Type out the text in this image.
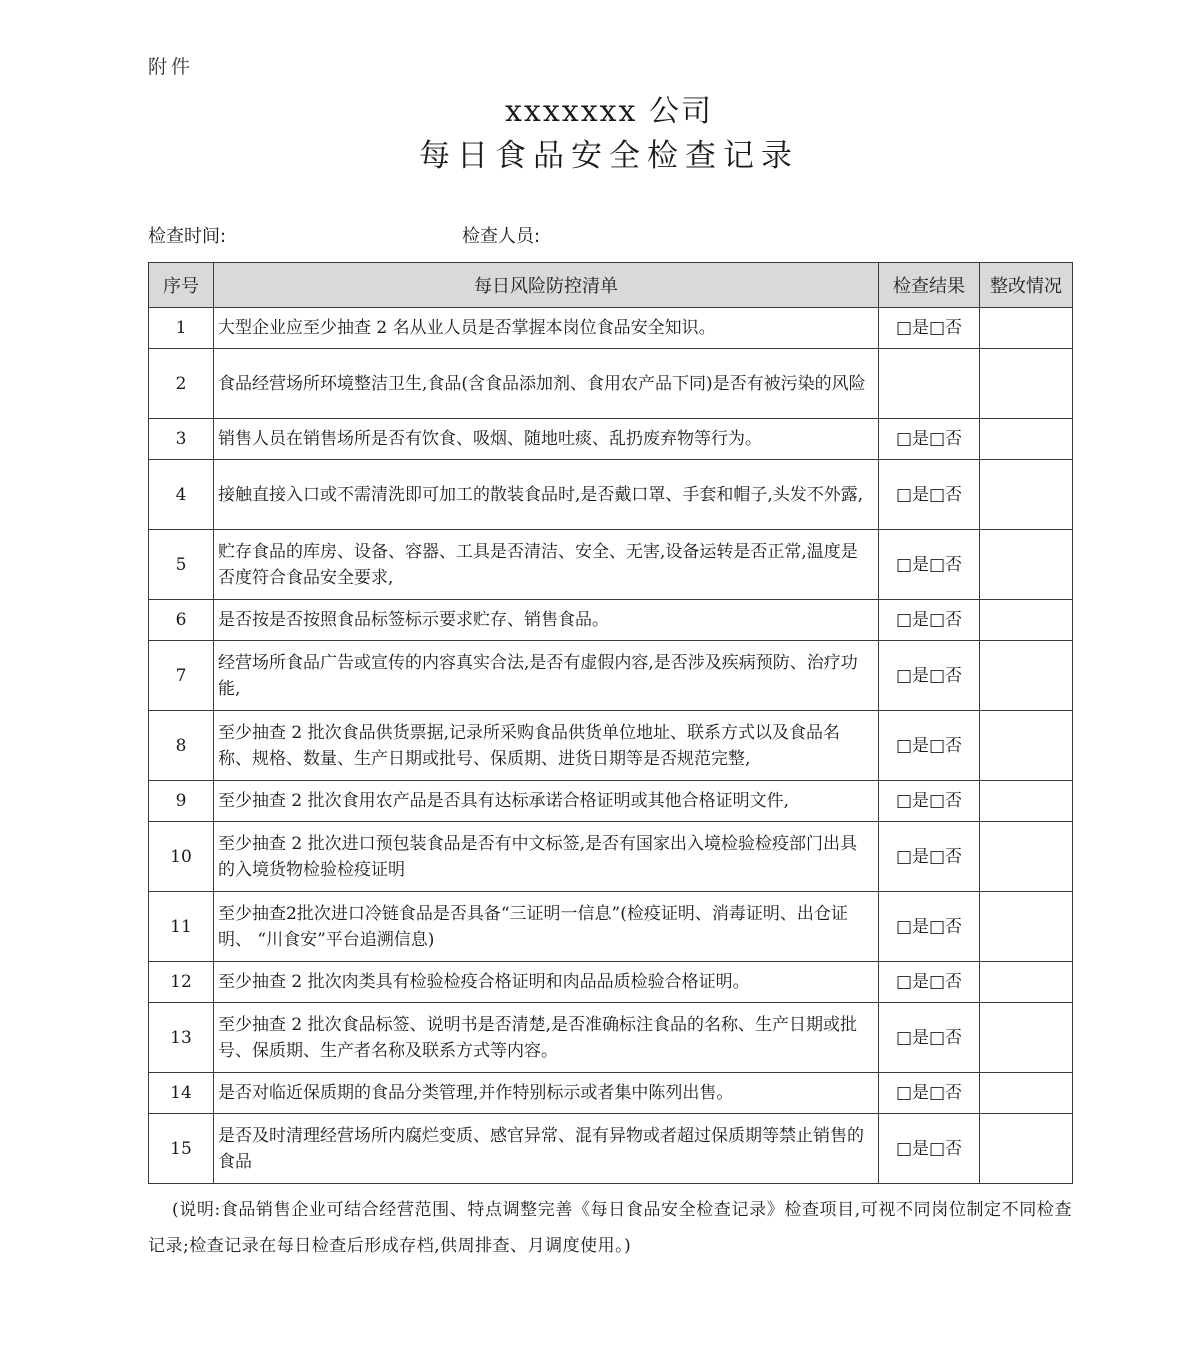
附件
xxxxxxx 公司
每日食品安全检查记录
检查时间:	检查人员:
序号	每日风险防控清单	检查结果	整改情况
1	大型企业应至少抽查 2 名从业人员是否掌握本岗位食品安全知识。	□是□否	
2	食品经营场所环境整洁卫生,食品(含食品添加剂、食用农产品下同)是否有被污染的风险		
3	销售人员在销售场所是否有饮食、吸烟、随地吐痰、乱扔废弃物等行为。	□是□否	
4	接触直接入口或不需清洗即可加工的散装食品时,是否戴口罩、手套和帽子,头发不外露,	□是□否	
5	贮存食品的库房、设备、容器、工具是否清洁、安全、无害,设备运转是否正常,温度是否度符合食品安全要求,	□是□否	
6	是否按是否按照食品标签标示要求贮存、销售食品。	□是□否	
7	经营场所食品广告或宣传的内容真实合法,是否有虚假内容,是否涉及疾病预防、治疗功能,	□是□否	
8	至少抽查 2 批次食品供货票据,记录所采购食品供货单位地址、联系方式以及食品名称、规格、数量、生产日期或批号、保质期、进货日期等是否规范完整,	□是□否	
9	至少抽查 2 批次食用农产品是否具有达标承诺合格证明或其他合格证明文件,	□是□否	
10	至少抽查 2 批次进口预包装食品是否有中文标签,是否有国家出入境检验检疫部门出具的入境货物检验检疫证明	□是□否	
11	至少抽查2批次进口冷链食品是否具备“三证明一信息”(检疫证明、消毒证明、出仓证明、 “川食安”平台追溯信息)	□是□否	
12	至少抽查 2 批次肉类具有检验检疫合格证明和肉品品质检验合格证明。	□是□否	
13	至少抽查 2 批次食品标签、说明书是否清楚,是否准确标注食品的名称、生产日期或批号、保质期、生产者名称及联系方式等内容。	□是□否	
14	是否对临近保质期的食品分类管理,并作特别标示或者集中陈列出售。	□是□否	
15	是否及时清理经营场所内腐烂变质、感官异常、混有异物或者超过保质期等禁止销售的食品	□是□否	
(说明:食品销售企业可结合经营范围、特点调整完善《每日食品安全检查记录》检查项目,可视不同岗位制定不同检查记录;检查记录在每日检查后形成存档,供周排查、月调度使用。)
